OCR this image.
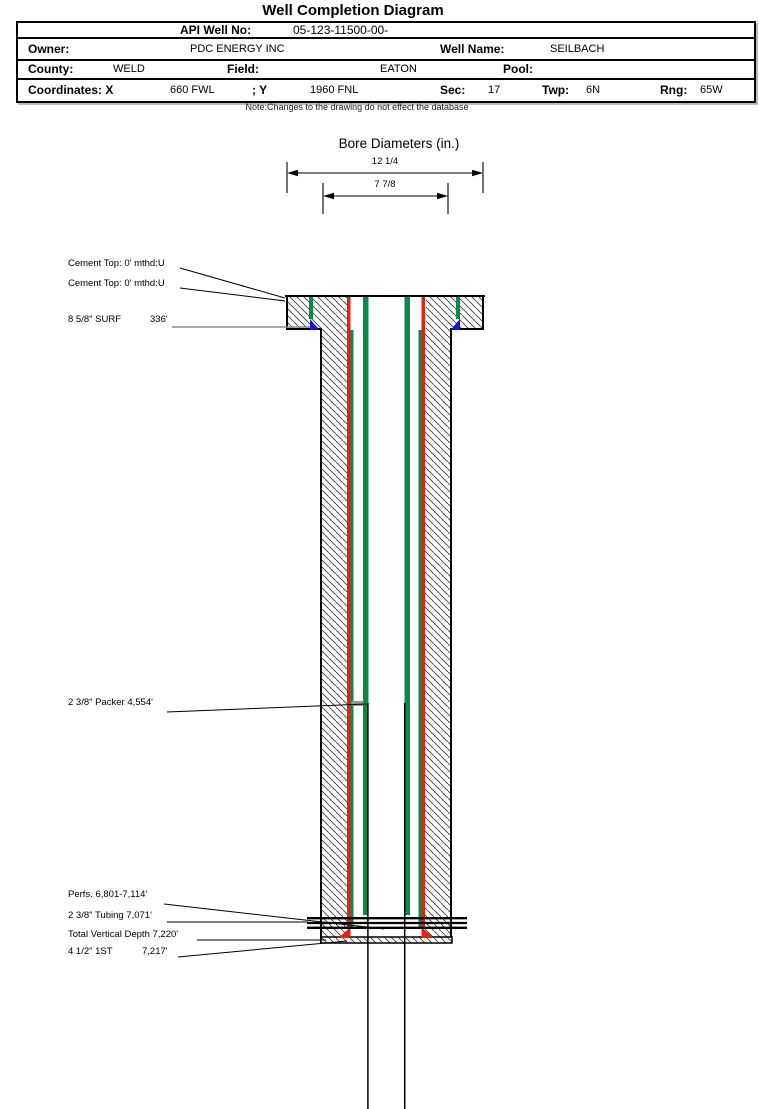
Well Completion Diagram
API Well No:	05-123-11500-00-
Owner:	PDC ENERGY INC	Well Name:	SEILBACH
County:	WELD	Field:	EATON	Pool:
Coordinates: X	660 FWL	; Y	1960 FNL	Sec: 17	Twp: 6N	Rng: 65W
Note:Changes to the drawing do not effect the database
Bore Diameters (in.)
12 1/4
7 7/8
Cement Top: 0' mthd:U
Cement Top: 0' mthd:U
8 5/8" SURF	336'
2 3/8" Packer 4,554'
Perfs. 6,801-7,114'
2 3/8" Tubing 7,071'
Total Vertical Depth 7,220'
4 1/2" 1ST	7,217'
